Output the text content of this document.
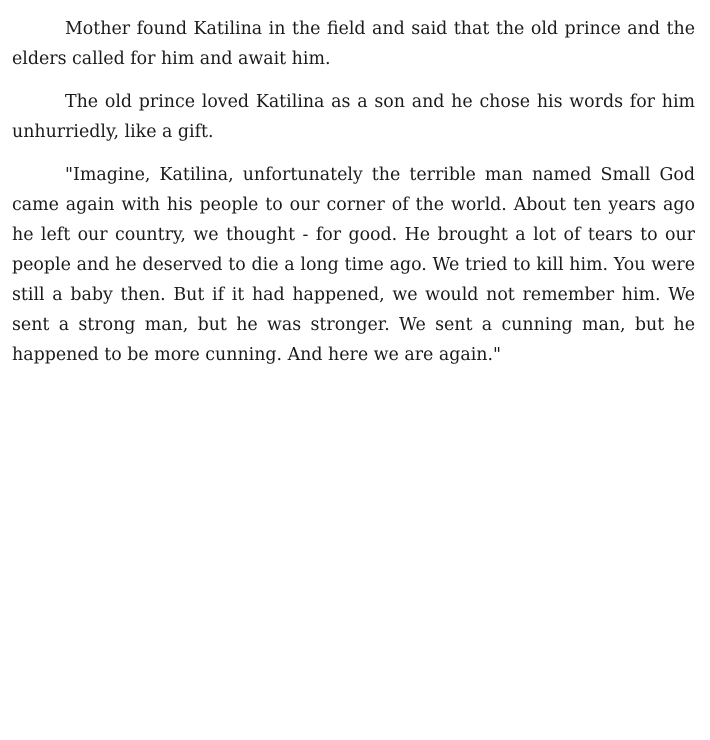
Mother found Katilina in the field and said that the old prince and the elders called for him and await him.

The old prince loved Katilina as a son and he chose his words for him unhurriedly, like a gift.

"Imagine, Katilina, unfortunately the terrible man named Small God came again with his people to our corner of the world. About ten years ago he left our country, we thought - for good. He brought a lot of tears to our people and he deserved to die a long time ago. We tried to kill him. You were still a baby then. But if it had happened, we would not remember him. We sent a strong man, but he was stronger. We sent a cunning man, but he happened to be more cunning. And here we are again."
